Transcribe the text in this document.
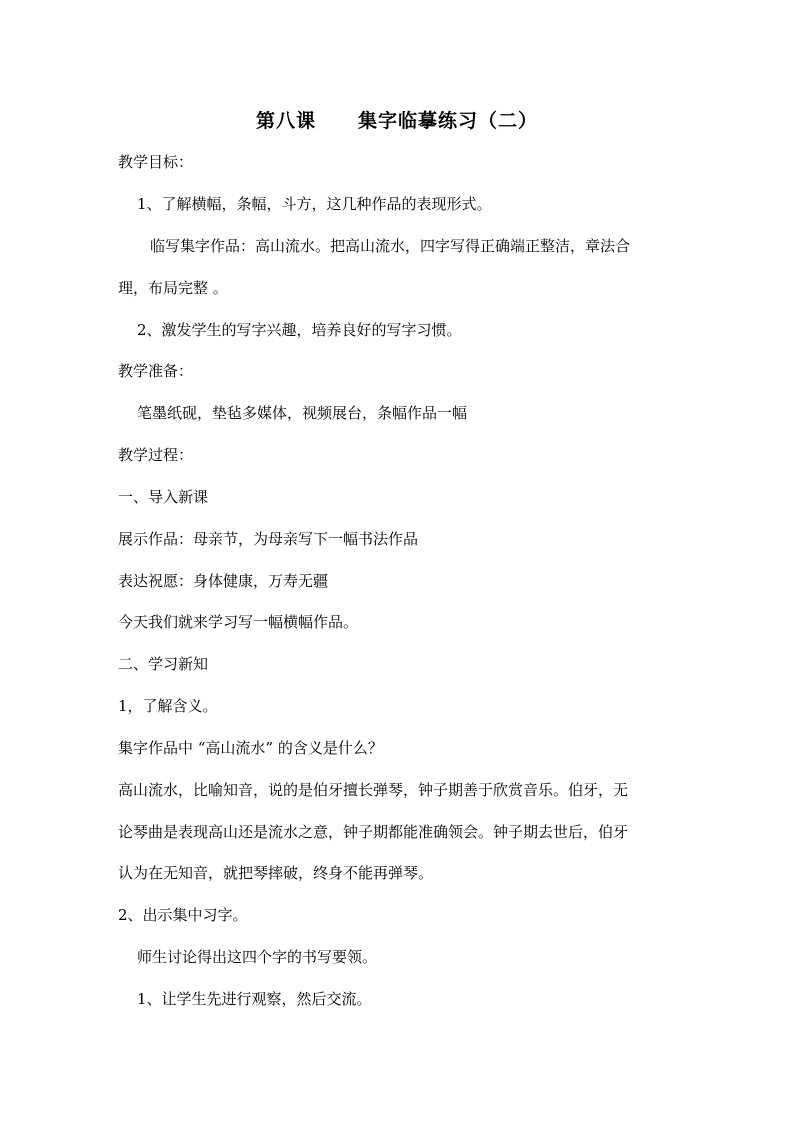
第八课 集字临摹练习（二）
教学目标：
1、了解横幅，条幅，斗方，这几种作品的表现形式。
临写集字作品：高山流水。把高山流水，四字写得正确端正整洁，章法合
理，布局完整 。
2、激发学生的写字兴趣，培养良好的写字习惯。
教学准备：
笔墨纸砚，垫毡多媒体，视频展台，条幅作品一幅
教学过程：
一、导入新课
展示作品：母亲节，为母亲写下一幅书法作品
表达祝愿：身体健康，万寿无疆
今天我们就来学习写一幅横幅作品。
二、学习新知
1，了解含义。
集字作品中 “高山流水” 的含义是什么？
高山流水，比喻知音，说的是伯牙擅长弹琴，钟子期善于欣赏音乐。伯牙，无
论琴曲是表现高山还是流水之意，钟子期都能准确领会。钟子期去世后，伯牙
认为在无知音，就把琴摔破，终身不能再弹琴。
2、出示集中习字。
师生讨论得出这四个字的书写要领。
1、让学生先进行观察，然后交流。
